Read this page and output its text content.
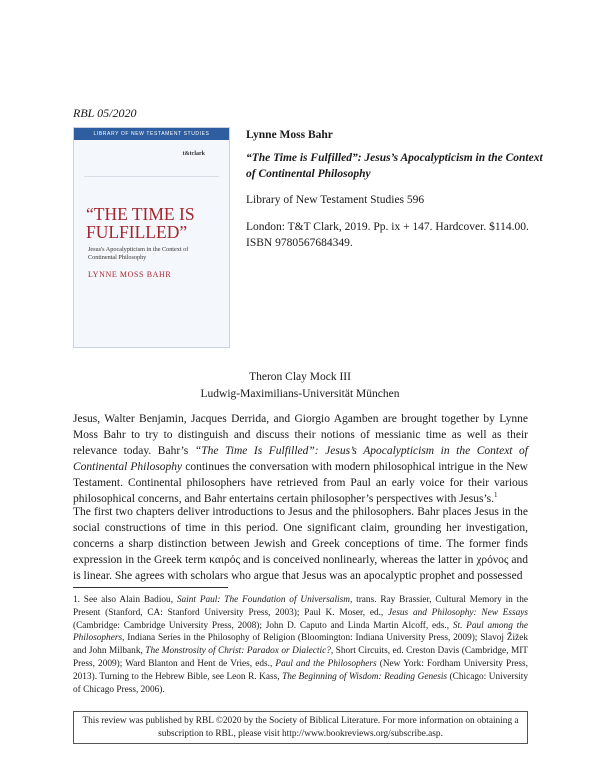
RBL 05/2020
LIBRARY OF NEW TESTAMENT STUDIES
t&tclark
“THE TIME IS FULFILLED”
Jesus's Apocalypticism in the Context of Continental Philosophy
LYNNE MOSS BAHR
Lynne Moss Bahr
“The Time is Fulfilled”: Jesus’s Apocalypticism in the Context of Continental Philosophy
Library of New Testament Studies 596
London: T&T Clark, 2019. Pp. ix + 147. Hardcover. $114.00. ISBN 9780567684349.
Theron Clay Mock III
Ludwig-Maximilians-Universität München
Jesus, Walter Benjamin, Jacques Derrida, and Giorgio Agamben are brought together by Lynne Moss Bahr to try to distinguish and discuss their notions of messianic time as well as their relevance today. Bahr’s “The Time Is Fulfilled”: Jesus’s Apocalypticism in the Context of Continental Philosophy continues the conversation with modern philosophical intrigue in the New Testament. Continental philosophers have retrieved from Paul an early voice for their various philosophical concerns, and Bahr entertains certain philosopher’s perspectives with Jesus’s.$^1$
The first two chapters deliver introductions to Jesus and the philosophers. Bahr places Jesus in the social constructions of time in this period. One significant claim, grounding her investigation, concerns a sharp distinction between Jewish and Greek conceptions of time. The former finds expression in the Greek term καιρός and is conceived nonlinearly, whereas the latter in χρόνος and is linear. She agrees with scholars who argue that Jesus was an apocalyptic prophet and possessed
1. See also Alain Badiou, Saint Paul: The Foundation of Universalism, trans. Ray Brassier, Cultural Memory in the Present (Stanford, CA: Stanford University Press, 2003); Paul K. Moser, ed., Jesus and Philosophy: New Essays (Cambridge: Cambridge University Press, 2008); John D. Caputo and Linda Martin Alcoff, eds., St. Paul among the Philosophers, Indiana Series in the Philosophy of Religion (Bloomington: Indiana University Press, 2009); Slavoj Žižek and John Milbank, The Monstrosity of Christ: Paradox or Dialectic?, Short Circuits, ed. Creston Davis (Cambridge, MIT Press, 2009); Ward Blanton and Hent de Vries, eds., Paul and the Philosophers (New York: Fordham University Press, 2013). Turning to the Hebrew Bible, see Leon R. Kass, The Beginning of Wisdom: Reading Genesis (Chicago: University of Chicago Press, 2006).
This review was published by RBL ©2020 by the Society of Biblical Literature. For more information on obtaining a
subscription to RBL, please visit http://www.bookreviews.org/subscribe.asp.
